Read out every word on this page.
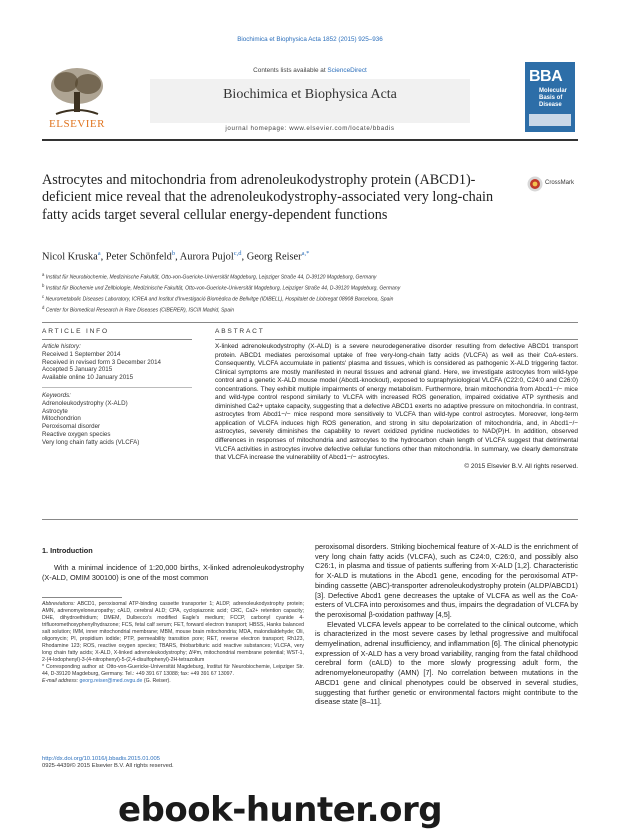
Biochimica et Biophysica Acta 1852 (2015) 925–936
ELSEVIER
Contents lists available at ScienceDirect
Biochimica et Biophysica Acta
journal homepage: www.elsevier.com/locate/bbadis
BBA
Molecular
Basis of
Disease
Astrocytes and mitochondria from adrenoleukodystrophy protein (ABCD1)-deficient mice reveal that the adrenoleukodystrophy-associated very long-chain fatty acids target several cellular energy-dependent functions
CrossMark
Nicol Kruska$^a$, Peter Schönfeld$^b$, Aurora Pujol$^{c,d}$, Georg Reiser$^{a,*}$
$^a$ Institut für Neurobiochemie, Medizinische Fakultät, Otto-von-Guericke-Universität Magdeburg, Leipziger Straße 44, D-39120 Magdeburg, Germany
$^b$ Institut für Biochemie und Zellbiologie, Medizinische Fakultät, Otto-von-Guericke-Universität Magdeburg, Leipziger Straße 44, D-39120 Magdeburg, Germany
$^c$ Neurometabolic Diseases Laboratory, ICREA and Institut d'Investigació Biomèdica de Bellvitge (IDIBELL), Hospitalet de Llobregat 08908 Barcelona, Spain
$^d$ Center for Biomedical Research in Rare Diseases (CIBERER), ISCIII Madrid, Spain
ARTICLE INFO	ABSTRACT
Article history:
Received 1 September 2014
Received in revised form 3 December 2014
Accepted 5 January 2015
Available online 10 January 2015
Keywords:
Adrenoleukodystrophy (X-ALD)
Astrocyte
Mitochondrion
Peroxisomal disorder
Reactive oxygen species
Very long chain fatty acids (VLCFA)
X-linked adrenoleukodystrophy (X-ALD) is a severe neurodegenerative disorder resulting from defective ABCD1 transport protein. ABCD1 mediates peroxisomal uptake of free very-long-chain fatty acids (VLCFA) as well as their CoA-esters. Consequently, VLCFA accumulate in patients' plasma and tissues, which is considered as pathogenic X-ALD triggering factor. Clinical symptoms are mostly manifested in neural tissues and adrenal gland. Here, we investigate astrocytes from wild-type control and a genetic X-ALD mouse model (Abcd1-knockout), exposed to supraphysiological VLCFA (C22:0, C24:0 and C26:0) concentrations. They exhibit multiple impairments of energy metabolism. Furthermore, brain mitochondria from Abcd1−/− mice and wild-type control respond similarly to VLCFA with increased ROS generation, impaired oxidative ATP synthesis and diminished Ca2+ uptake capacity, suggesting that a defective ABCD1 exerts no adaptive pressure on mitochondria. In contrast, astrocytes from Abcd1−/− mice respond more sensitively to VLCFA than wild-type control astrocytes. Moreover, long-term application of VLCFA induces high ROS generation, and strong in situ depolarization of mitochondria, and, in Abcd1−/− astrocytes, severely diminishes the capability to revert oxidized pyridine nucleotides to NAD(P)H. In addition, observed differences in responses of mitochondria and astrocytes to the hydrocarbon chain length of VLCFA suggest that detrimental VLCFA activities in astrocytes involve defective cellular functions other than mitochondria. In summary, we clearly demonstrate that VLCFA increase the vulnerability of Abcd1−/− astrocytes.
© 2015 Elsevier B.V. All rights reserved.
1. Introduction
With a minimal incidence of 1:20,000 births, X-linked adrenoleukodystrophy (X-ALD, OMIM 300100) is one of the most common
Abbreviations: ABCD1, peroxisomal ATP-binding cassette transporter 1; ALDP, adrenoleukodystrophy protein; AMN, adrenomyeloneuropathy; cALD, cerebral ALD; CPA, cyclopiazonic acid; CRC, Ca2+ retention capacity; DHE, dihydroethidium; DMEM, Dulbecco's modified Eagle's medium; FCCP, carbonyl cyanide 4-trifluoromethoxyphenylhydrazone; FCS, fetal calf serum; FET, forward electron transport; HBSS, Hanks balanced salt solution; IMM, inner mitochondrial membrane; MBM, mouse brain mitochondria; MDA, malondialdehyde; Oli, oligomycin; PI, propidium iodide; PTP, permeability transition pore; RET, reverse electron transport; Rh123, Rhodamine 123; ROS, reactive oxygen species; TBARS, thiobarbituric acid reactive substances; VLCFA, very long chain fatty acids; X-ALD, X-linked adrenoleukodystrophy; ΔΨm, mitochondrial membrane potential; WST-1, 2-(4-Iodophenyl)-3-(4-nitrophenyl)-5-(2,4-disulfophenyl)-2H-tetrazolium
* Corresponding author at: Otto-von-Guericke-Universität Magdeburg, Institut für Neurobiochemie, Leipziger Str. 44, D-39120 Magdeburg, Germany. Tel.: +49 391 67 13088; fax: +49 391 67 13097.
E-mail address: georg.reiser@med.ovgu.de (G. Reiser).

peroxisomal disorders. Striking biochemical feature of X-ALD is the enrichment of very long chain fatty acids (VLCFA), such as C24:0, C26:0, and possibly also C26:1, in plasma and tissue of patients suffering from X-ALD [1,2]. Characteristic for X-ALD is mutations in the Abcd1 gene, encoding for the peroxisomal ATP-binding cassette (ABC)-transporter adrenoleukodystrophy protein (ALDP/ABCD1) [3]. Defective Abcd1 gene decreases the uptake of VLCFA as well as the CoA-esters of VLCFA into peroxisomes and thus, impairs the degradation of VLCFA by the peroxisomal β-oxidation pathway [4,5].

Elevated VLCFA levels appear to be correlated to the clinical outcome, which is characterized in the most severe cases by lethal progressive and multifocal demyelination, adrenal insufficiency, and inflammation [6]. The clinical phenotypic expression of X-ALD has a very broad variability, ranging from the fatal childhood cerebral form (cALD) to the more slowly progressing adult form, the adrenomyeloneuropathy (AMN) [7]. No correlation between mutations in the ABCD1 gene and clinical phenotypes could be observed in several studies, suggesting that further genetic or environmental factors might contribute to the disease state [8–11].

http://dx.doi.org/10.1016/j.bbadis.2015.01.005
0925-4439/© 2015 Elsevier B.V. All rights reserved.
ebook-hunter.org
